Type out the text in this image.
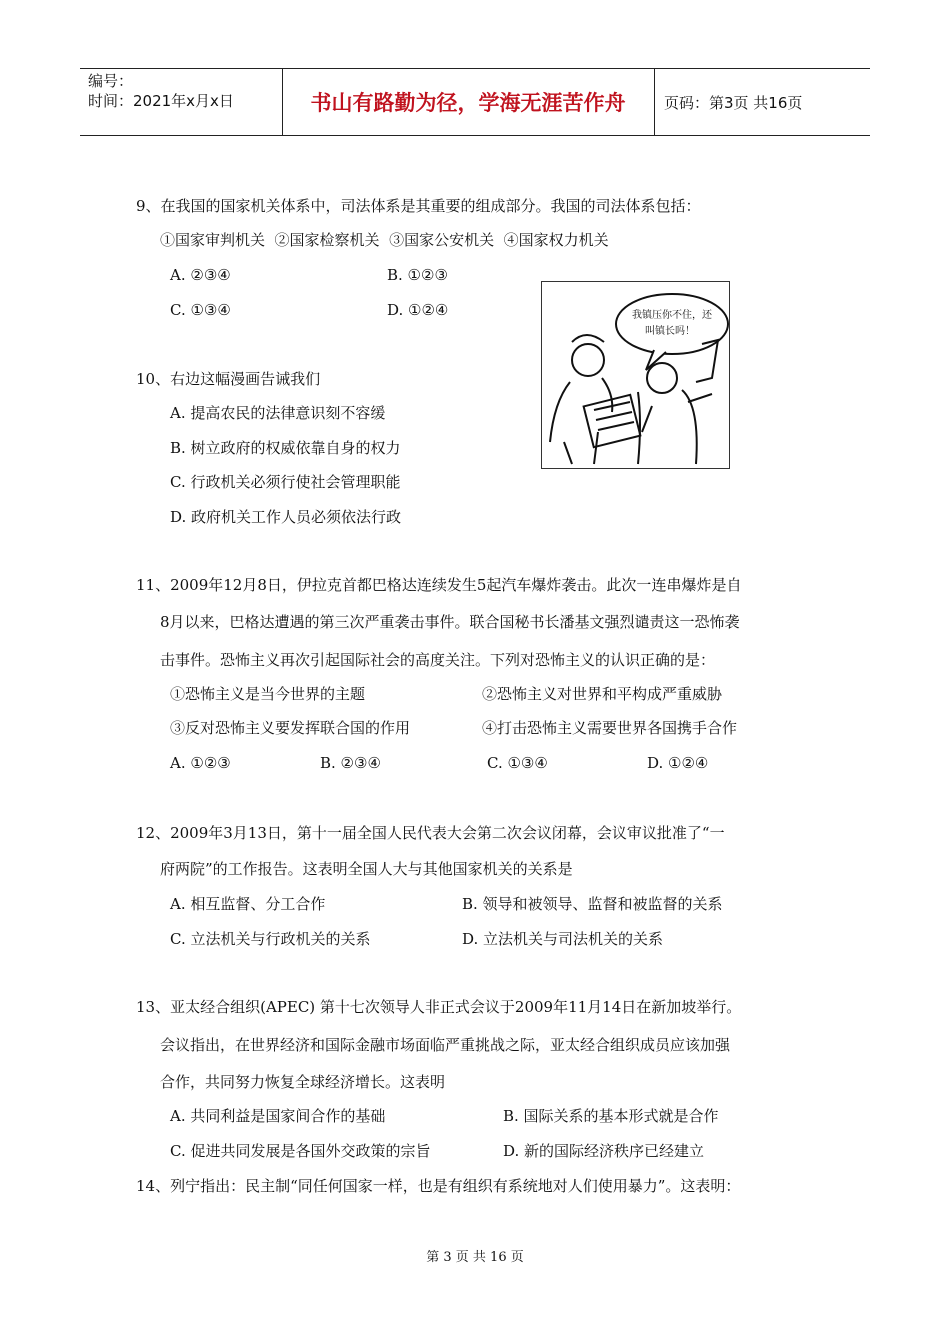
编号：
时间：2021年x月x日	书山有路勤为径，学海无涯苦作舟	页码：第3页 共16页
9、在我国的国家机关体系中，司法体系是其重要的组成部分。我国的司法体系包括：
①国家审判机关  ②国家检察机关  ③国家公安机关  ④国家权力机关
A. ②③④	B. ①②③
C. ①③④	D. ①②④	我镇压你不住，还
叫镇长吗！
10、右边这幅漫画告诫我们
A. 提高农民的法律意识刻不容缓
B. 树立政府的权威依靠自身的权力
C. 行政机关必须行使社会管理职能
D. 政府机关工作人员必须依法行政
11、2009年12月8日，伊拉克首都巴格达连续发生5起汽车爆炸袭击。此次一连串爆炸是自
8月以来，巴格达遭遇的第三次严重袭击事件。联合国秘书长潘基文强烈谴责这一恐怖袭
击事件。恐怖主义再次引起国际社会的高度关注。下列对恐怖主义的认识正确的是：
①恐怖主义是当今世界的主题	②恐怖主义对世界和平构成严重威胁
③反对恐怖主义要发挥联合国的作用	④打击恐怖主义需要世界各国携手合作
A. ①②③	B. ②③④	C. ①③④	D. ①②④
12、2009年3月13日，第十一届全国人民代表大会第二次会议闭幕，会议审议批准了“一
府两院”的工作报告。这表明全国人大与其他国家机关的关系是
A. 相互监督、分工合作	B. 领导和被领导、监督和被监督的关系
C. 立法机关与行政机关的关系	D. 立法机关与司法机关的关系
13、亚太经合组织(APEC) 第十七次领导人非正式会议于2009年11月14日在新加坡举行。
会议指出，在世界经济和国际金融市场面临严重挑战之际，亚太经合组织成员应该加强
合作，共同努力恢复全球经济增长。这表明
A. 共同利益是国家间合作的基础	B. 国际关系的基本形式就是合作
C. 促进共同发展是各国外交政策的宗旨	D. 新的国际经济秩序已经建立
14、列宁指出：民主制“同任何国家一样，也是有组织有系统地对人们使用暴力”。这表明：
第 3 页 共 16 页
